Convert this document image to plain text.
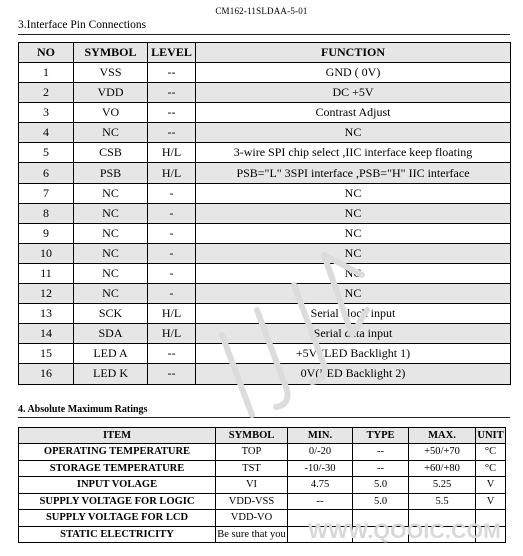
CM162-11SLDAA-5-01
3.Interface Pin Connections
NO	SYMBOL	LEVEL	FUNCTION
1	VSS	--	GND ( 0V)
2	VDD	--	DC +5V
3	VO	--	Contrast Adjust
4	NC	--	NC
5	CSB	H/L	3-wire SPI chip select ,IIC interface keep floating
6	PSB	H/L	PSB="L" 3SPI interface ,PSB="H" IIC interface
7	NC	-	NC
8	NC	-	NC
9	NC	-	NC
10	NC	-	NC
11	NC	-	NC
12	NC	-	NC
13	SCK	H/L	Serial clock input
14	SDA	H/L	Serial data input
15	LED A	--	+5V (LED Backlight 1)
16	LED K	--	0V(LED Backlight 2)
4. Absolute Maximum Ratings
ITEM	SYMBOL	MIN.	TYPE	MAX.	UNIT
OPERATING TEMPERATURE	TOP	0/-20	--	+50/+70	°C
STORAGE TEMPERATURE	TST	-10/-30	--	+60/+80	°C
INPUT VOLAGE	VI	4.75	5.0	5.25	V
SUPPLY VOLTAGE FOR LOGIC	VDD-VSS	--	5.0	5.5	V
SUPPLY VOLTAGE FOR LCD	VDD-VO				
STATIC ELECTRICITY	Be sure that you				WWW.QOOIC.COM
